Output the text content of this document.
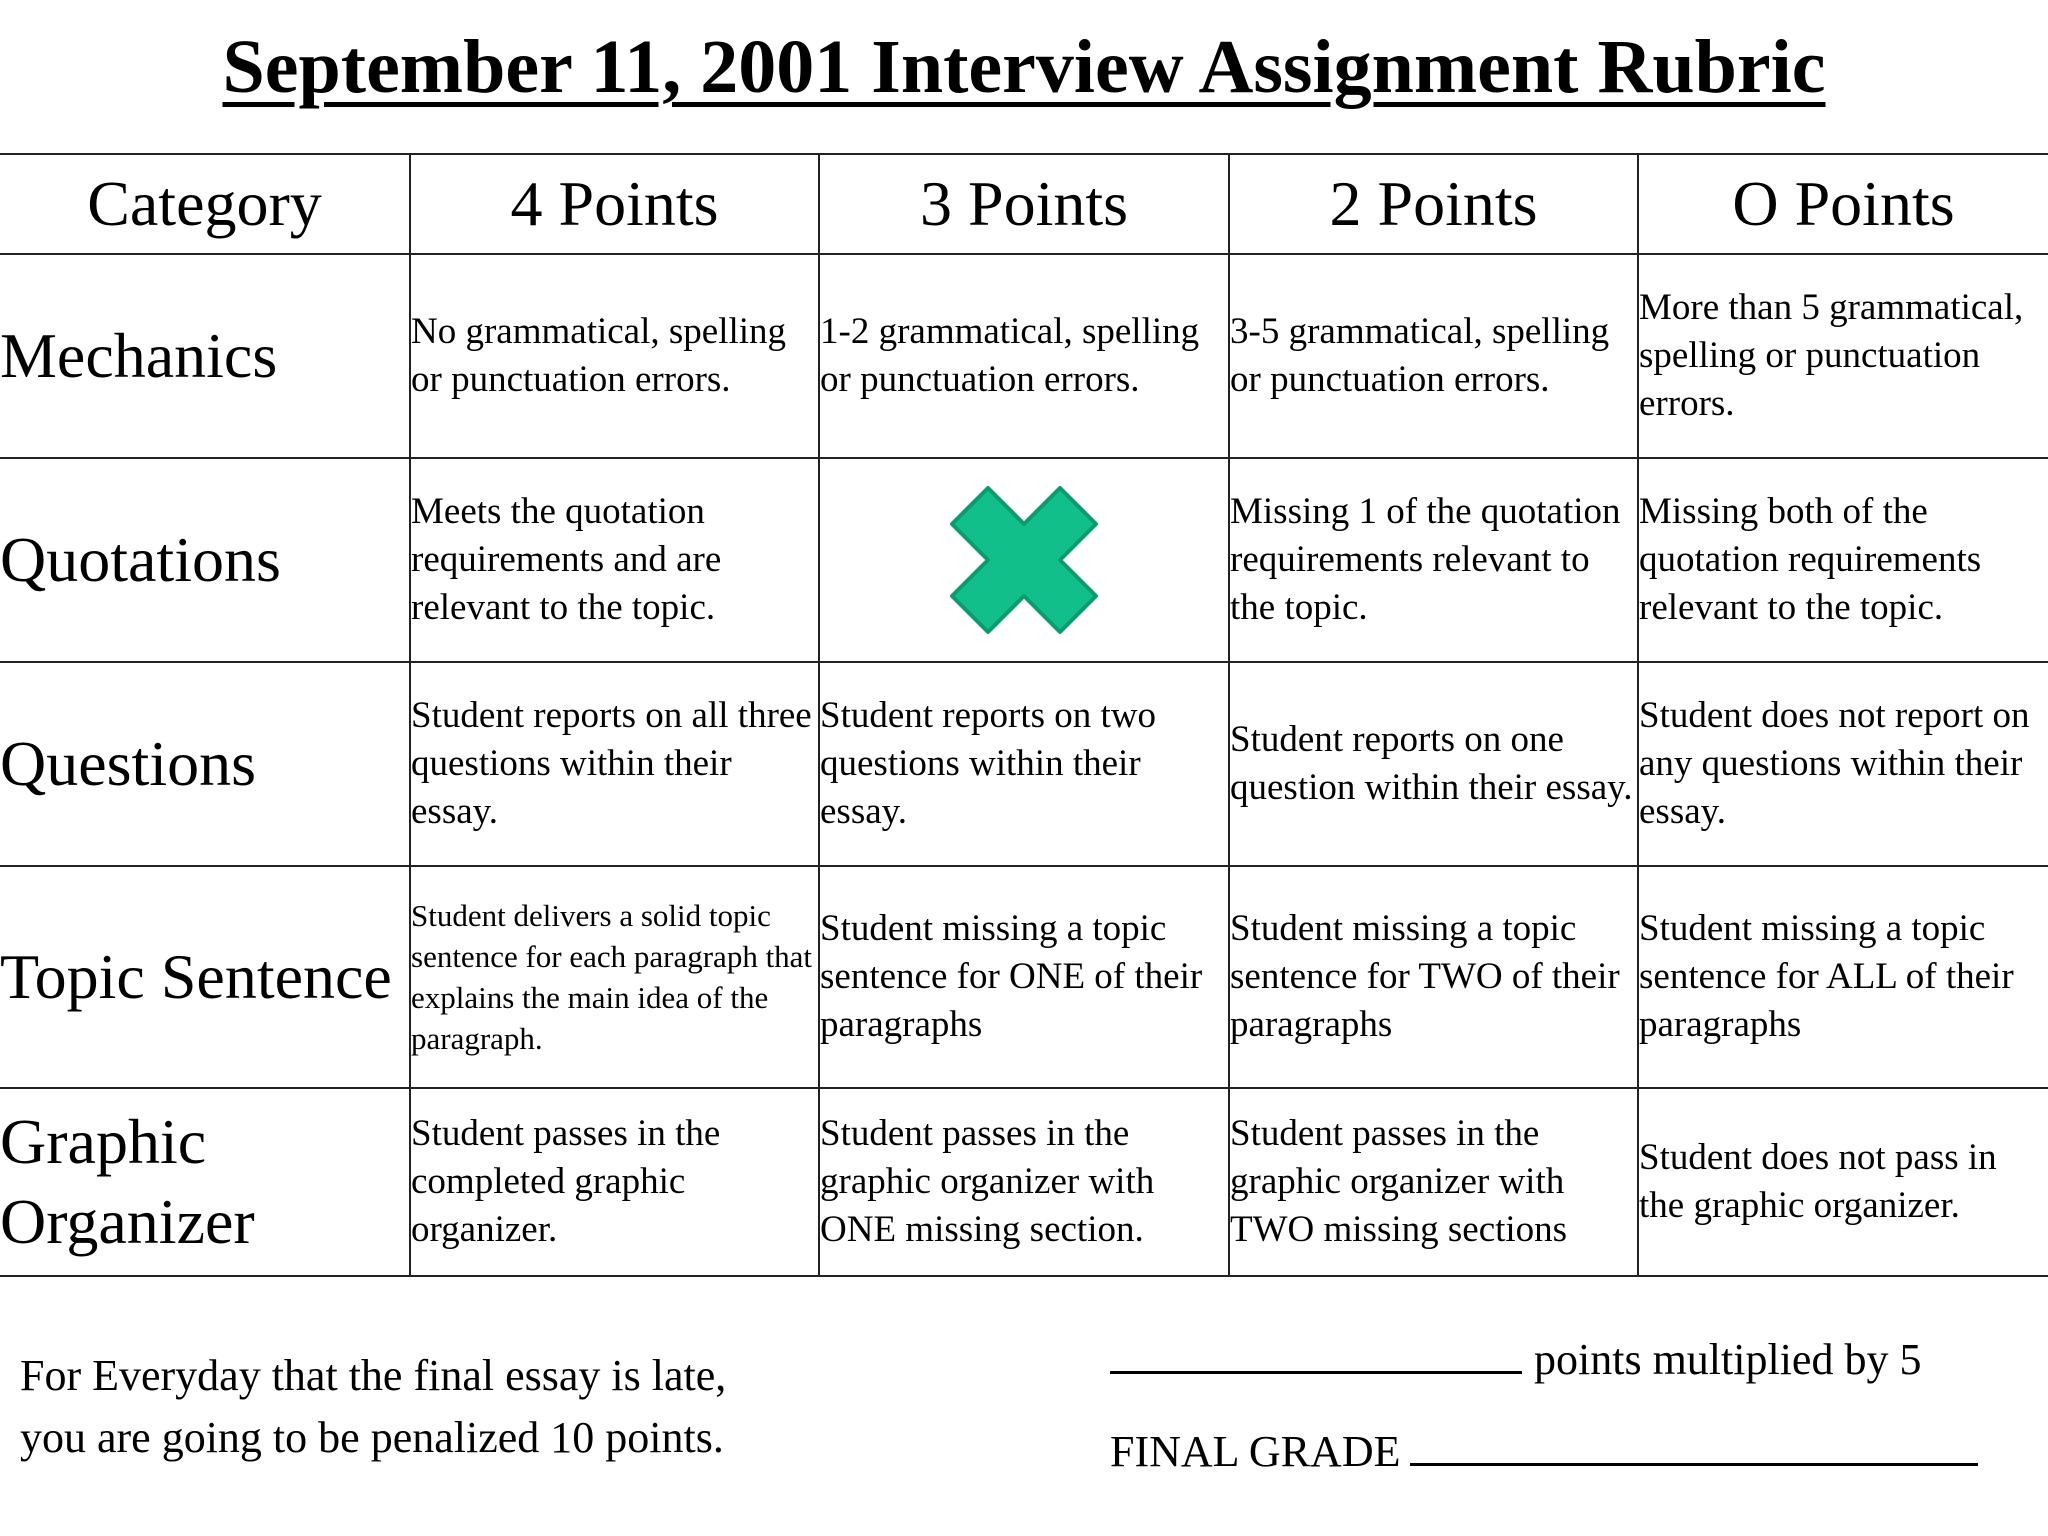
September 11, 2001 Interview Assignment Rubric
Category	4 Points	3 Points	2 Points	O Points
Mechanics	No grammatical, spelling or punctuation errors.	1-2 grammatical, spelling or punctuation errors.	3-5 grammatical, spelling or punctuation errors.	More than 5 grammatical, spelling or punctuation errors.
Quotations	Meets the quotation requirements and are relevant to the topic.		Missing 1 of the quotation requirements relevant to the topic.	Missing both of the quotation requirements relevant to the topic.
Questions	Student reports on all three questions within their essay.	Student reports on two questions within their essay.	Student reports on one question within their essay.	Student does not report on any questions within their essay.
Topic Sentence	Student delivers a solid topic sentence for each paragraph that explains the main idea of the paragraph.	Student missing a topic sentence for ONE of their paragraphs	Student missing a topic sentence for TWO of their paragraphs	Student missing a topic sentence for ALL of their paragraphs
Graphic Organizer	Student passes in the completed graphic organizer.	Student passes in the graphic organizer with ONE missing section.	Student passes in the graphic organizer with TWO missing sections	Student does not pass in the graphic organizer.
For Everyday that the final essay is late,
you are going to be penalized 10 points.
points multiplied by 5
FINAL GRADE
